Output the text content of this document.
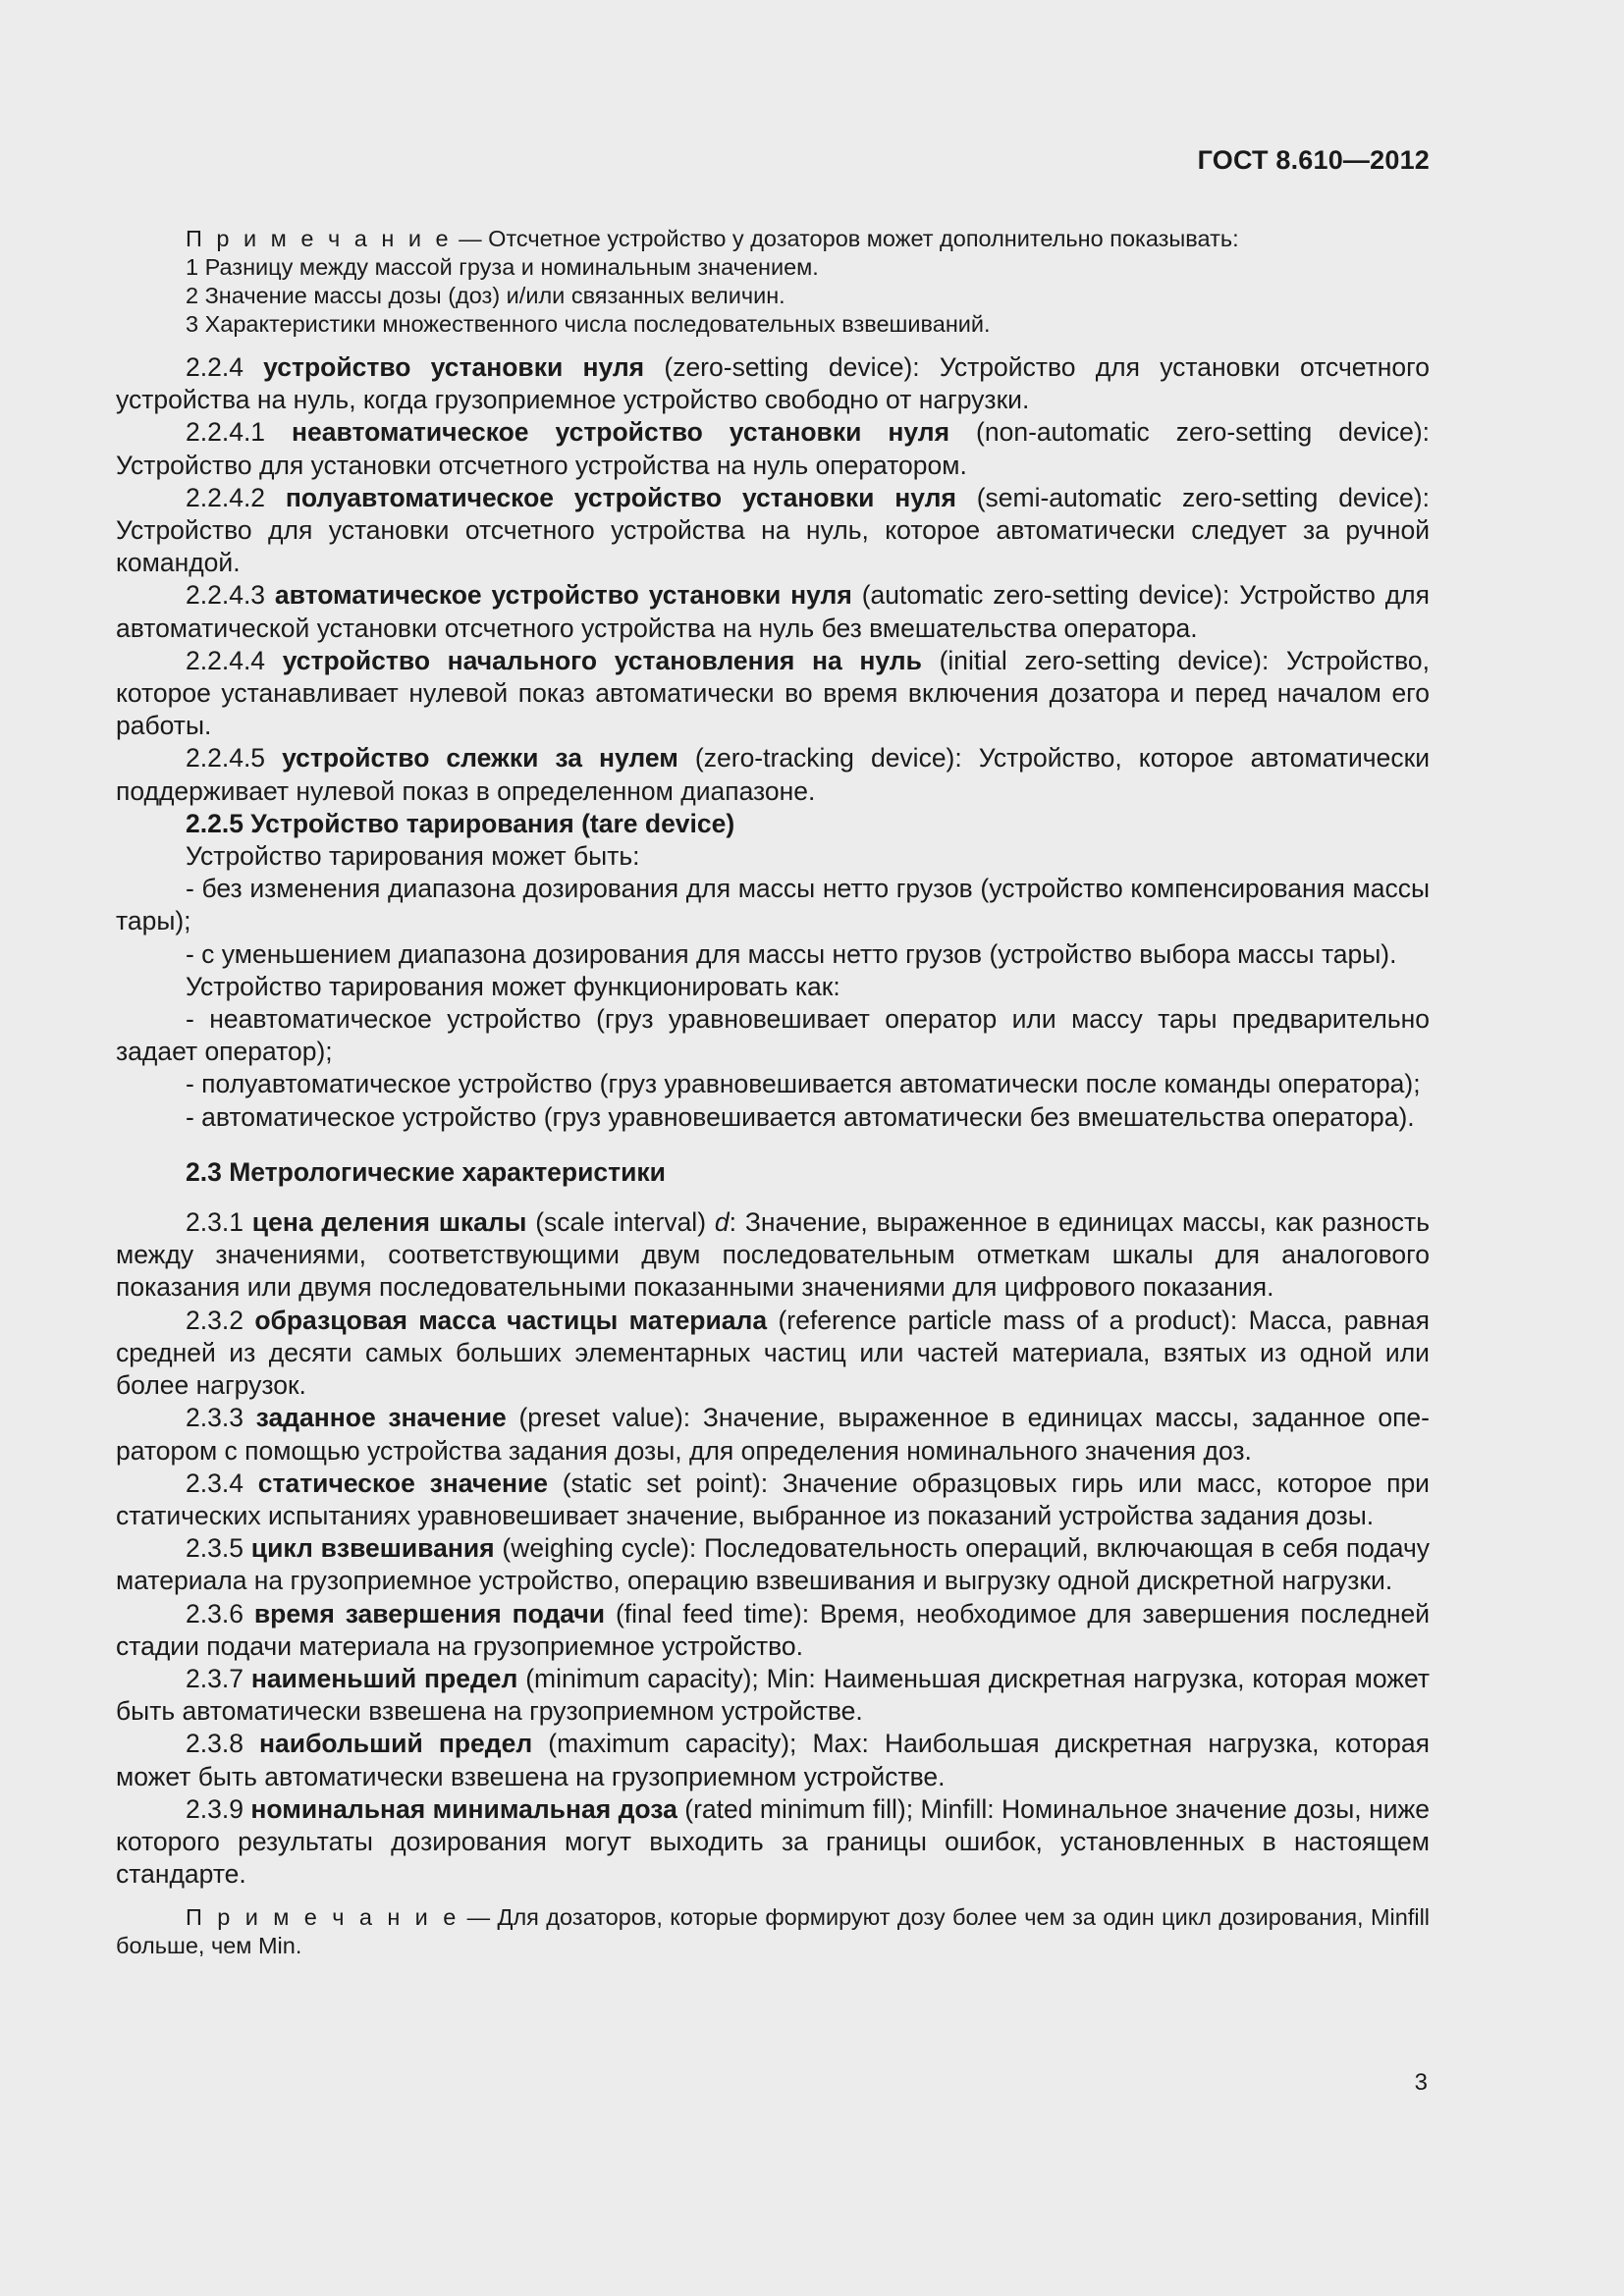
ГОСТ 8.610—2012

П р и м е ч а н и е — Отсчетное устройство у дозаторов может дополнительно показывать:

1 Разницу между массой груза и номинальным значением.

2 Значение массы дозы (доз) и/или связанных величин.

3 Характеристики множественного числа последовательных взвешиваний.

2.2.4 устройство установки нуля (zero-setting device): Устройство для установки отсчетного устройства на нуль, когда грузоприемное устройство свободно от нагрузки.

2.2.4.1 неавтоматическое устройство установки нуля (non-automatic zero-setting device): Устройство для установки отсчетного устройства на нуль оператором.

2.2.4.2 полуавтоматическое устройство установки нуля (semi-automatic zero-setting device): Устройство для установки отсчетного устройства на нуль, которое автоматически следует за ручной командой.

2.2.4.3 автоматическое устройство установки нуля (automatic zero-setting device): Устройство для автоматической установки отсчетного устройства на нуль без вмешательства оператора.

2.2.4.4 устройство начального установления на нуль (initial zero-setting device): Устройство, которое устанавливает нулевой показ автоматически во время включения дозатора и перед началом его работы.

2.2.4.5 устройство слежки за нулем (zero-tracking device): Устройство, которое автоматически поддерживает нулевой показ в определенном диапазоне.

2.2.5 Устройство тарирования (tare device)

Устройство тарирования может быть:

- без изменения диапазона дозирования для массы нетто грузов (устройство компенсирования массы тары);

- с уменьшением диапазона дозирования для массы нетто грузов (устройство выбора массы тары).

Устройство тарирования может функционировать как:

- неавтоматическое устройство (груз уравновешивает оператор или массу тары предварительно задает оператор);

- полуавтоматическое устройство (груз уравновешивается автоматически после команды оператора);

- автоматическое устройство (груз уравновешивается автоматически без вмешательства оператора).

2.3 Метрологические характеристики

2.3.1 цена деления шкалы (scale interval) d: Значение, выраженное в единицах массы, как разность между значениями, соответствующими двум последовательным отметкам шкалы для аналогового показания или двумя последовательными показанными значениями для цифрового показания.

2.3.2 образцовая масса частицы материала (reference particle mass of a product): Масса, равная средней из десяти самых больших элементарных частиц или частей материала, взятых из одной или более нагрузок.

2.3.3 заданное значение (preset value): Значение, выраженное в единицах массы, заданное оператором с помощью устройства задания дозы, для определения номинального значения доз.

2.3.4 статическое значение (static set point): Значение образцовых гирь или масс, которое при статических испытаниях уравновешивает значение, выбранное из показаний устройства задания дозы.

2.3.5 цикл взвешивания (weighing cycle): Последовательность операций, включающая в себя подачу материала на грузоприемное устройство, операцию взвешивания и выгрузку одной дискретной нагрузки.

2.3.6 время завершения подачи (final feed time): Время, необходимое для завершения последней стадии подачи материала на грузоприемное устройство.

2.3.7 наименьший предел (minimum capacity); Min: Наименьшая дискретная нагрузка, которая может быть автоматически взвешена на грузоприемном устройстве.

2.3.8 наибольший предел (maximum capacity); Max: Наибольшая дискретная нагрузка, которая может быть автоматически взвешена на грузоприемном устройстве.

2.3.9 номинальная минимальная доза (rated minimum fill); Minfill: Номинальное значение дозы, ниже которого результаты дозирования могут выходить за границы ошибок, установленных в настоящем стандарте.

П р и м е ч а н и е — Для дозаторов, которые формируют дозу более чем за один цикл дозирования, Minfill больше, чем Min.

3
